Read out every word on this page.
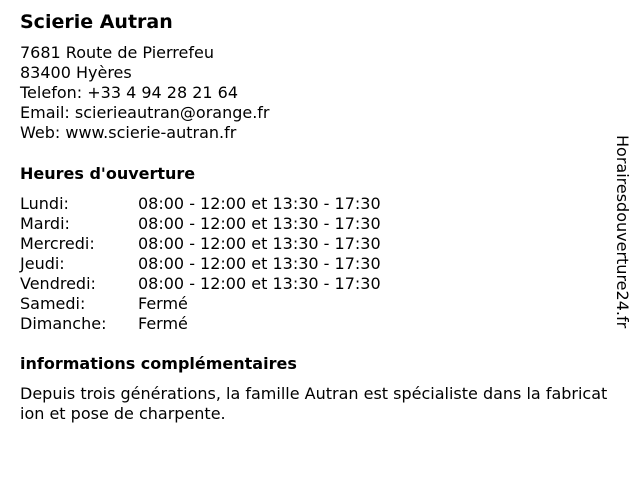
Scierie Autran
7681 Route de Pierrefeu
83400 Hyères
Telefon: +33 4 94 28 21 64
Email: scierieautran@orange.fr
Web: www.scierie-autran.fr
Heures d'ouverture
Lundi:	08:00 - 12:00 et 13:30 - 17:30
Mardi:	08:00 - 12:00 et 13:30 - 17:30
Mercredi:	08:00 - 12:00 et 13:30 - 17:30
Jeudi:	08:00 - 12:00 et 13:30 - 17:30
Vendredi:	08:00 - 12:00 et 13:30 - 17:30
Samedi:	Fermé
Dimanche:	Fermé
informations complémentaires
Depuis trois générations, la famille Autran est spécialiste dans la fabrication et pose de charpente.
Horairesdouverture24.fr
